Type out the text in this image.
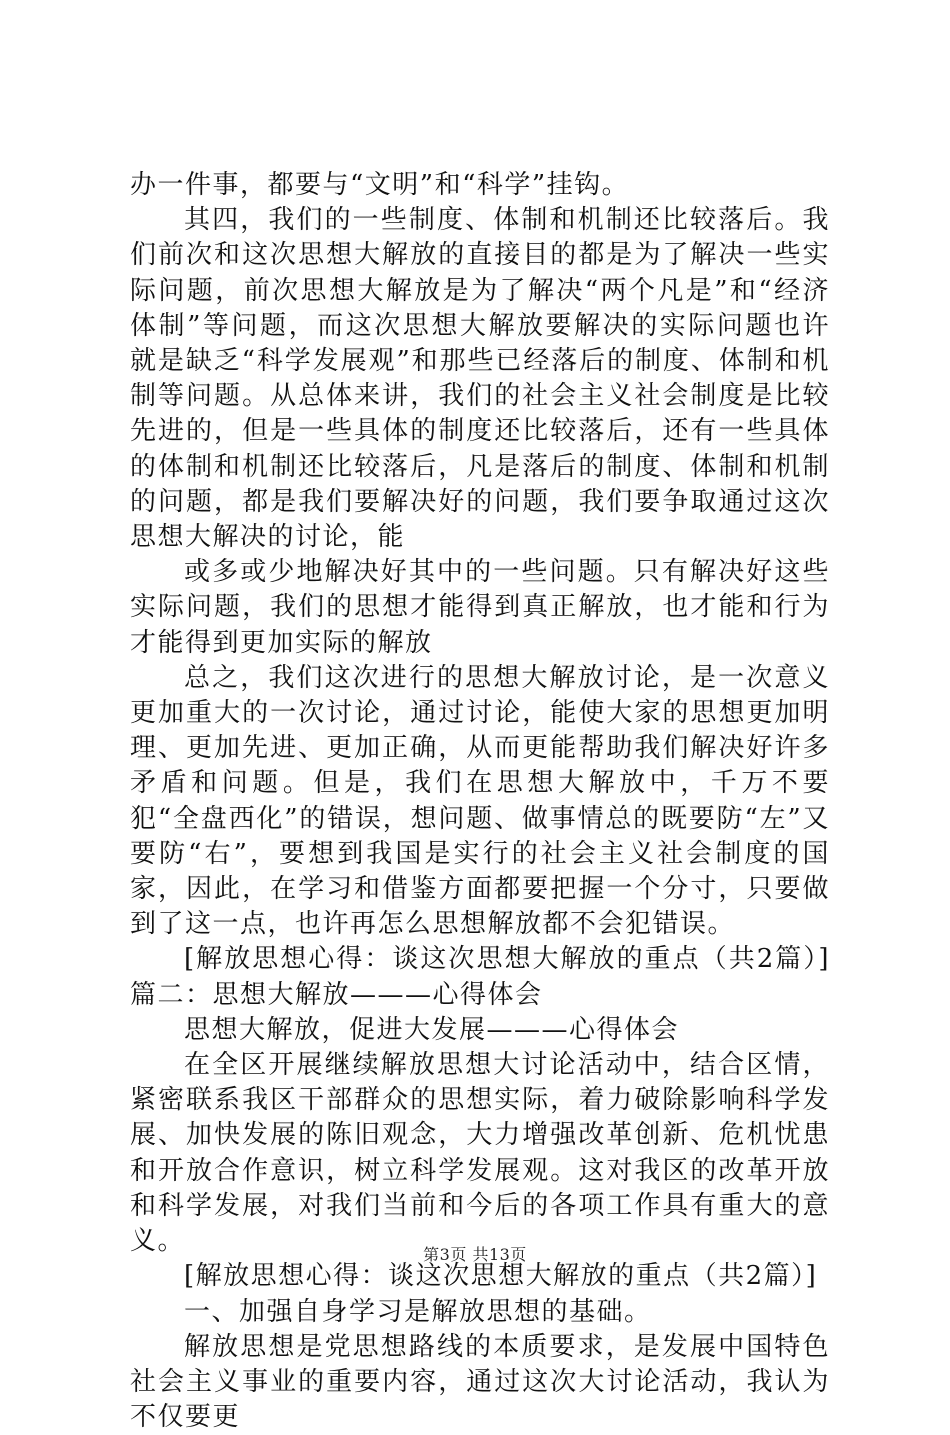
办一件事，都要与“文明”和“科学”挂钩。

其四，我们的一些制度、体制和机制还比较落后。我们前次和这次思想大解放的直接目的都是为了解决一些实际问题，前次思想大解放是为了解决“两个凡是”和“经济体制”等问题，而这次思想大解放要解决的实际问题也许就是缺乏“科学发展观”和那些已经落后的制度、体制和机制等问题。从总体来讲，我们的社会主义社会制度是比较先进的，但是一些具体的制度还比较落后，还有一些具体的体制和机制还比较落后，凡是落后的制度、体制和机制的问题，都是我们要解决好的问题，我们要争取通过这次思想大解决的讨论，能

或多或少地解决好其中的一些问题。只有解决好这些实际问题，我们的思想才能得到真正解放，也才能和行为才能得到更加实际的解放

总之，我们这次进行的思想大解放讨论，是一次意义更加重大的一次讨论，通过讨论，能使大家的思想更加明理、更加先进、更加正确，从而更能帮助我们解决好许多矛盾和问题。但是，我们在思想大解放中，千万不要犯“全盘西化”的错误，想问题、做事情总的既要防“左”又要防“右”，要想到我国是实行的社会主义社会制度的国家，因此，在学习和借鉴方面都要把握一个分寸，只要做到了这一点，也许再怎么思想解放都不会犯错误。

[解放思想心得：谈这次思想大解放的重点（共2篇）]篇二：思想大解放———心得体会

思想大解放，促进大发展———心得体会

在全区开展继续解放思想大讨论活动中，结合区情，紧密联系我区干部群众的思想实际，着力破除影响科学发展、加快发展的陈旧观念，大力增强改革创新、危机忧患和开放合作意识，树立科学发展观。这对我区的改革开放和科学发展，对我们当前和今后的各项工作具有重大的意义。

[解放思想心得：谈这次思想大解放的重点（共2篇）]

一、加强自身学习是解放思想的基础。

解放思想是党思想路线的本质要求，是发展中国特色社会主义事业的重要内容，通过这次大讨论活动，我认为不仅要更

第3页 共13页
